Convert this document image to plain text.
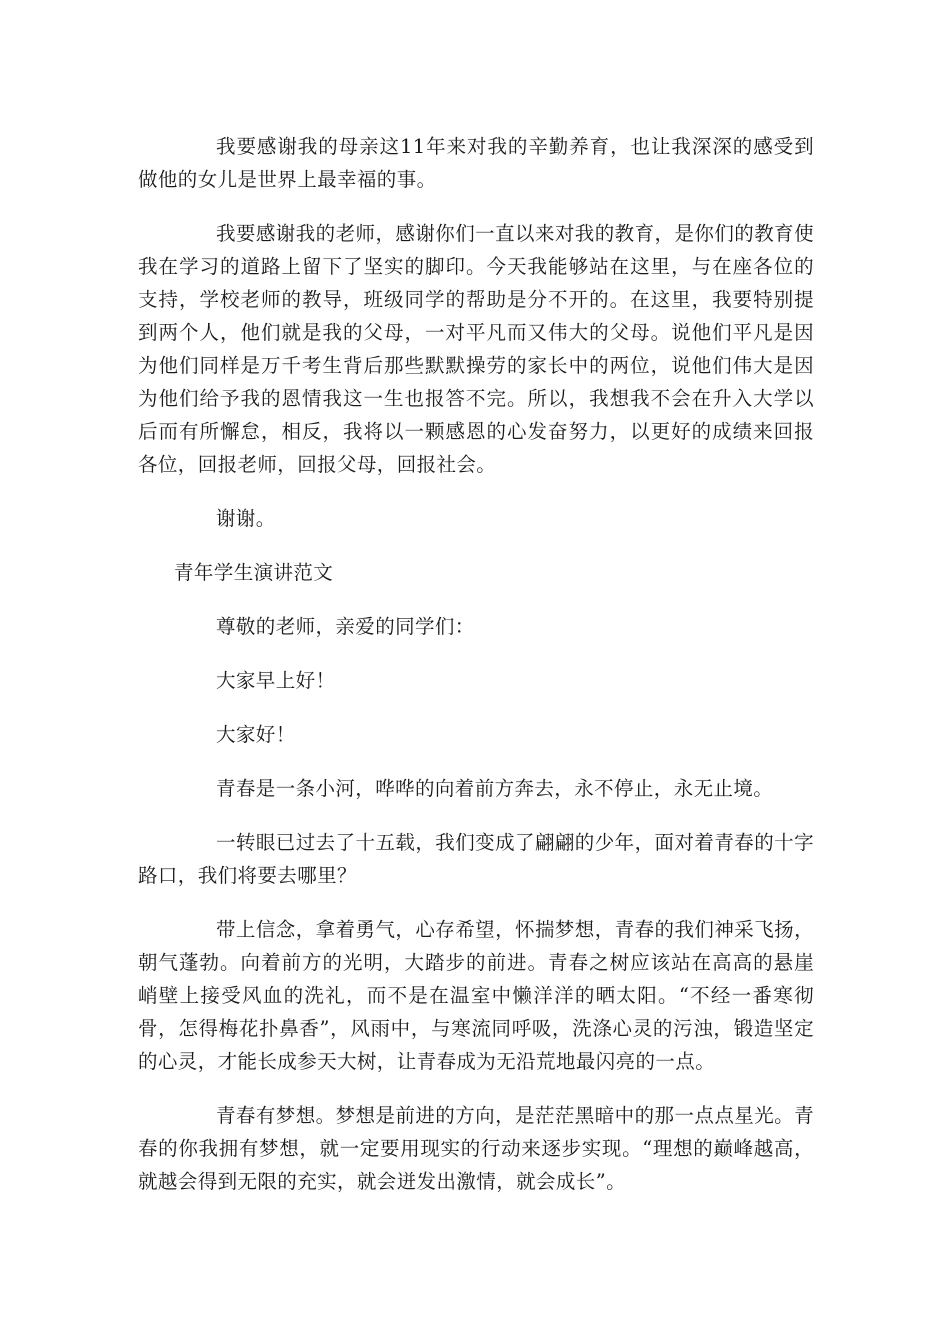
我要感谢我的母亲这11年来对我的辛勤养育，也让我深深的感受到做他的女儿是世界上最幸福的事。

我要感谢我的老师，感谢你们一直以来对我的教育，是你们的教育使我在学习的道路上留下了坚实的脚印。今天我能够站在这里，与在座各位的支持，学校老师的教导，班级同学的帮助是分不开的。在这里，我要特别提到两个人，他们就是我的父母，一对平凡而又伟大的父母。说他们平凡是因为他们同样是万千考生背后那些默默操劳的家长中的两位，说他们伟大是因为他们给予我的恩情我这一生也报答不完。所以，我想我不会在升入大学以后而有所懈怠，相反，我将以一颗感恩的心发奋努力，以更好的成绩来回报各位，回报老师，回报父母，回报社会。

谢谢。

青年学生演讲范文

尊敬的老师，亲爱的同学们：

大家早上好！

大家好！

青春是一条小河，哗哗的向着前方奔去，永不停止，永无止境。

一转眼已过去了十五载，我们变成了翩翩的少年，面对着青春的十字路口，我们将要去哪里？

带上信念，拿着勇气，心存希望，怀揣梦想，青春的我们神采飞扬，朝气蓬勃。向着前方的光明，大踏步的前进。青春之树应该站在高高的悬崖峭壁上接受风血的洗礼，而不是在温室中懒洋洋的晒太阳。“不经一番寒彻骨，怎得梅花扑鼻香”，风雨中，与寒流同呼吸，洗涤心灵的污浊，锻造坚定的心灵，才能长成参天大树，让青春成为无沿荒地最闪亮的一点。

青春有梦想。梦想是前进的方向，是茫茫黑暗中的那一点点星光。青春的你我拥有梦想，就一定要用现实的行动来逐步实现。“理想的巅峰越高，就越会得到无限的充实，就会迸发出激情，就会成长”。
